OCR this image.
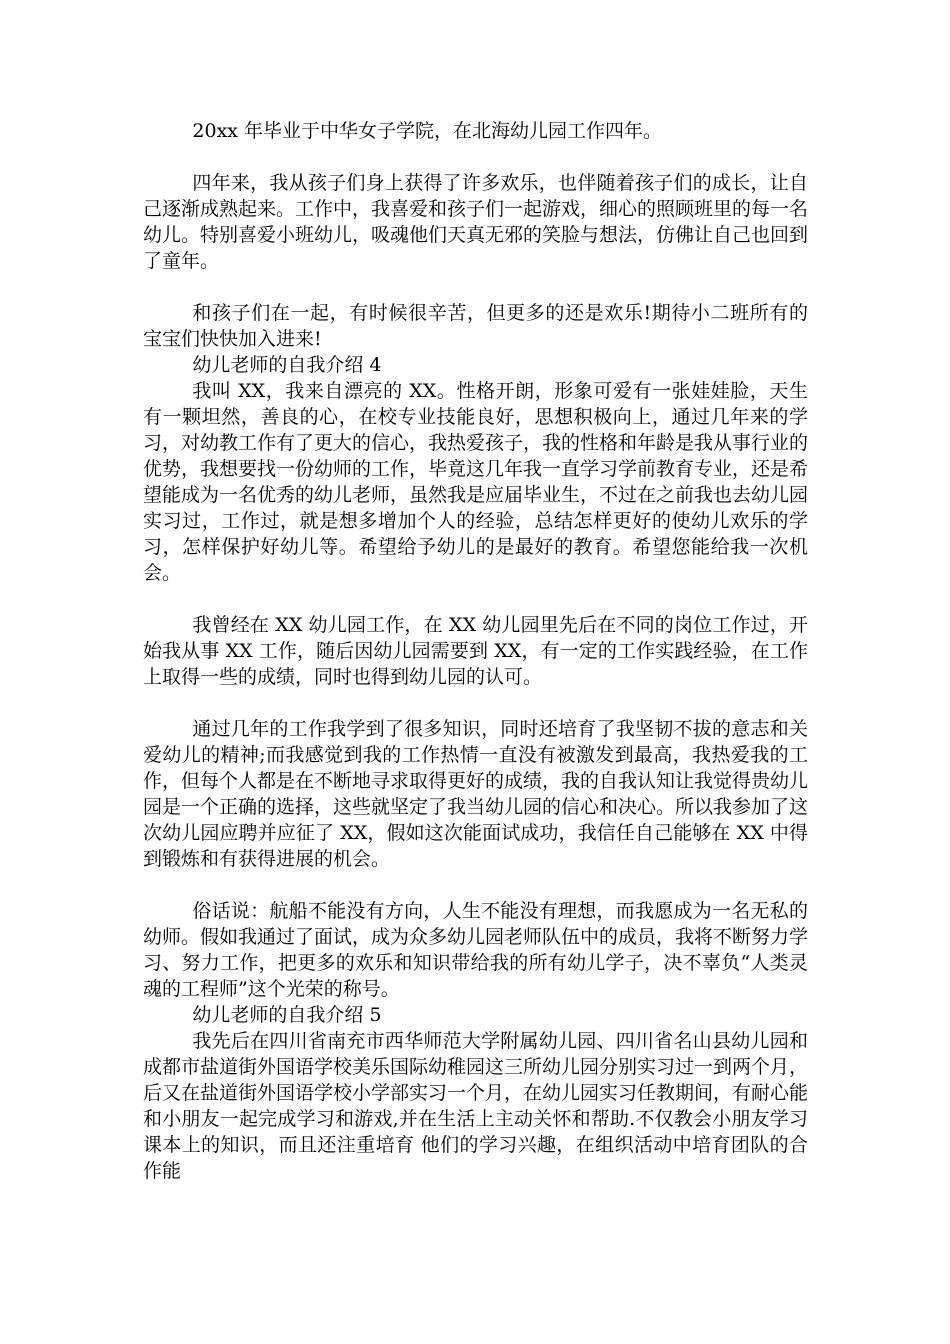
20xx 年毕业于中华女子学院，在北海幼儿园工作四年。

四年来，我从孩子们身上获得了许多欢乐，也伴随着孩子们的成长，让自己逐渐成熟起来。工作中，我喜爱和孩子们一起游戏，细心的照顾班里的每一名幼儿。特别喜爱小班幼儿，吸魂他们天真无邪的笑脸与想法，仿佛让自己也回到了童年。

和孩子们在一起，有时候很辛苦，但更多的还是欢乐!期待小二班所有的宝宝们快快加入进来!

幼儿老师的自我介绍 4

我叫 XX，我来自漂亮的 XX。性格开朗，形象可爱有一张娃娃脸，天生有一颗坦然，善良的心，在校专业技能良好，思想积极向上，通过几年来的学习，对幼教工作有了更大的信心，我热爱孩子，我的性格和年龄是我从事行业的优势，我想要找一份幼师的工作，毕竟这几年我一直学习学前教育专业，还是希望能成为一名优秀的幼儿老师，虽然我是应届毕业生，不过在之前我也去幼儿园实习过，工作过，就是想多增加个人的经验，总结怎样更好的使幼儿欢乐的学习，怎样保护好幼儿等。希望给予幼儿的是最好的教育。希望您能给我一次机会。

我曾经在 XX 幼儿园工作，在 XX 幼儿园里先后在不同的岗位工作过，开始我从事 XX 工作，随后因幼儿园需要到 XX，有一定的工作实践经验，在工作上取得一些的成绩，同时也得到幼儿园的认可。

通过几年的工作我学到了很多知识，同时还培育了我坚韧不拔的意志和关爱幼儿的精神;而我感觉到我的工作热情一直没有被激发到最高，我热爱我的工作，但每个人都是在不断地寻求取得更好的成绩，我的自我认知让我觉得贵幼儿园是一个正确的选择，这些就坚定了我当幼儿园的信心和决心。所以我参加了这次幼儿园应聘并应征了 XX，假如这次能面试成功，我信任自己能够在 XX 中得到锻炼和有获得进展的机会。

俗话说：航船不能没有方向，人生不能没有理想，而我愿成为一名无私的幼师。假如我通过了面试，成为众多幼儿园老师队伍中的成员，我将不断努力学习、努力工作，把更多的欢乐和知识带给我的所有幼儿学子，决不辜负“人类灵魂的工程师”这个光荣的称号。

幼儿老师的自我介绍 5

我先后在四川省南充市西华师范大学附属幼儿园、四川省名山县幼儿园和成都市盐道街外国语学校美乐国际幼稚园这三所幼儿园分别实习过一到两个月，后又在盐道街外国语学校小学部实习一个月，在幼儿园实习任教期间，有耐心能和小朋友一起完成学习和游戏,并在生活上主动关怀和帮助.不仅教会小朋友学习课本上的知识，而且还注重培育 他们的学习兴趣，在组织活动中培育团队的合作能
